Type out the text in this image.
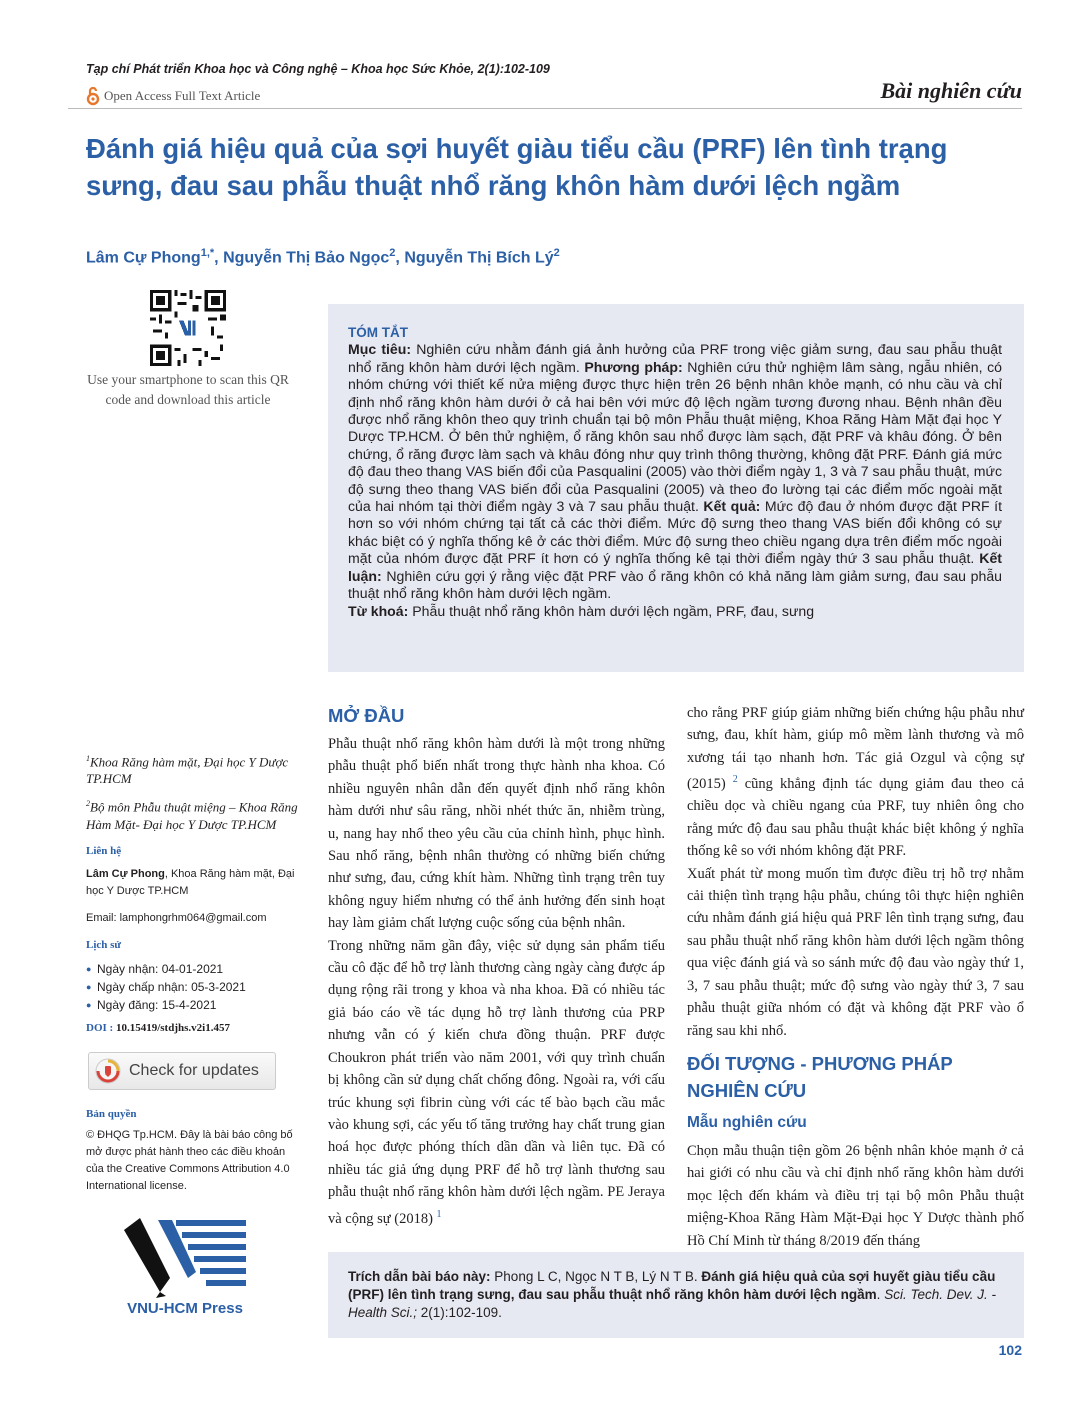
Tạp chí Phát triển Khoa học và Công nghệ – Khoa học Sức Khỏe, 2(1):102-109
Open Access Full Text Article	Bài nghiên cứu
Đánh giá hiệu quả của sợi huyết giàu tiểu cầu (PRF) lên tình trạng sưng, đau sau phẫu thuật nhổ răng khôn hàm dưới lệch ngầm
Lâm Cự Phong$^{1,*}$, Nguyễn Thị Bảo Ngọc$^2$, Nguyễn Thị Bích $Lý^2$
Use your smartphone to scan this QR code and download this article
TÓM TẮT
Mục tiêu: Nghiên cứu nhằm đánh giá ảnh hưởng của PRF trong việc giảm sưng, đau sau phẫu thuật nhổ răng khôn hàm dưới lệch ngầm. Phương pháp: Nghiên cứu thử nghiệm lâm sàng, ngẫu nhiên, có nhóm chứng với thiết kế nửa miệng được thực hiện trên 26 bệnh nhân khỏe mạnh, có nhu cầu và chỉ định nhổ răng khôn hàm dưới ở cả hai bên với mức độ lệch ngầm tương đương nhau. Bệnh nhân đều được nhổ răng khôn theo quy trình chuẩn tại bộ môn Phẫu thuật miệng, Khoa Răng Hàm Mặt đại học Y Dược TP.HCM. Ở bên thử nghiệm, ổ răng khôn sau nhổ được làm sạch, đặt PRF và khâu đóng. Ở bên chứng, ổ răng được làm sạch và khâu đóng như quy trình thông thường, không đặt PRF. Đánh giá mức độ đau theo thang VAS biến đổi của Pasqualini (2005) vào thời điểm ngày 1, 3 và 7 sau phẫu thuật, mức độ sưng theo thang VAS biến đổi của Pasqualini (2005) và theo đo lường tại các điểm mốc ngoài mặt của hai nhóm tại thời điểm ngày 3 và 7 sau phẫu thuật. Kết quả: Mức độ đau ở nhóm được đặt PRF ít hơn so với nhóm chứng tại tất cả các thời điểm. Mức độ sưng theo thang VAS biến đổi không có sự khác biệt có ý nghĩa thống kê ở các thời điểm. Mức độ sưng theo chiều ngang dựa trên điểm mốc ngoài mặt của nhóm được đặt PRF ít hơn có ý nghĩa thống kê tại thời điểm ngày thứ 3 sau phẫu thuật. Kết luận: Nghiên cứu gợi ý rằng việc đặt PRF vào ổ răng khôn có khả năng làm giảm sưng, đau sau phẫu thuật nhổ răng khôn hàm dưới lệch ngầm.
Từ khoá: Phẫu thuật nhổ răng khôn hàm dưới lệch ngầm, PRF, đau, sưng
$^1$Khoa Răng hàm mặt, Đại học Y Dược TP.HCM
$^2$Bộ môn Phẫu thuật miệng – Khoa Răng Hàm Mặt- Đại học Y Dược TP.HCM
Liên hệ
Lâm Cự Phong, Khoa Răng hàm mặt, Đại học Y Dược TP.HCM
Email: lamphongrhm064@gmail.com
Lịch sử
● Ngày nhận: 04-01-2021
● Ngày chấp nhận: 05-3-2021
● Ngày đăng: 15-4-2021
DOI : 10.15419/stdjhs.v2i1.457
Check for updates
Bản quyền
© ĐHQG Tp.HCM. Đây là bài báo công bố mở được phát hành theo các điều khoản của the Creative Commons Attribution 4.0 International license.
VNU-HCM Press
MỞ ĐẦU

Phẫu thuật nhổ răng khôn hàm dưới là một trong những phẫu thuật phổ biến nhất trong thực hành nha khoa. Có nhiều nguyên nhân dẫn đến quyết định nhổ răng khôn hàm dưới như sâu răng, nhồi nhét thức ăn, nhiễm trùng, u, nang hay nhổ theo yêu cầu của chỉnh hình, phục hình. Sau nhổ răng, bệnh nhân thường có những biến chứng như sưng, đau, cứng khít hàm. Những tình trạng trên tuy không nguy hiểm nhưng có thể ảnh hưởng đến sinh hoạt hay làm giảm chất lượng cuộc sống của bệnh nhân.

Trong những năm gần đây, việc sử dụng sản phẩm tiểu cầu cô đặc để hỗ trợ lành thương càng ngày càng được áp dụng rộng rãi trong y khoa và nha khoa. Đã có nhiều tác giả báo cáo về tác dụng hỗ trợ lành thương của PRP nhưng vẫn có ý kiến chưa đồng thuận. PRF được Choukron phát triển vào năm 2001, với quy trình chuẩn bị không cần sử dụng chất chống đông. Ngoài ra, với cấu trúc khung sợi fibrin cùng với các tế bào bạch cầu mắc vào khung sợi, các yếu tố tăng trưởng hay chất trung gian hoá học được phóng thích dần dần và liên tục. Đã có nhiều tác giả ứng dụng PRF để hỗ trợ lành thương sau phẫu thuật nhổ răng khôn hàm dưới lệch ngầm. PE Jeraya và cộng sự (2018) $^1$

cho rằng PRF giúp giảm những biến chứng hậu phẫu như sưng, đau, khít hàm, giúp mô mềm lành thương và mô xương tái tạo nhanh hơn. Tác giả Ozgul và cộng sự (2015) $^2$ cũng khẳng định tác dụng giảm đau theo cả chiều dọc và chiều ngang của PRF, tuy nhiên ông cho rằng mức độ đau sau phẫu thuật khác biệt không ý nghĩa thống kê so với nhóm không đặt PRF.

Xuất phát từ mong muốn tìm được điều trị hỗ trợ nhằm cải thiện tình trạng hậu phẫu, chúng tôi thực hiện nghiên cứu nhằm đánh giá hiệu quả PRF lên tình trạng sưng, đau sau phẫu thuật nhổ răng khôn hàm dưới lệch ngầm thông qua việc đánh giá và so sánh mức độ đau vào ngày thứ 1, 3, 7 sau phẫu thuật; mức độ sưng vào ngày thứ 3, 7 sau phẫu thuật giữa nhóm có đặt và không đặt PRF vào ổ răng sau khi nhổ.

ĐỐI TƯỢNG - PHƯƠNG PHÁP NGHIÊN CỨU
Mẫu nghiên cứu

Chọn mẫu thuận tiện gồm 26 bệnh nhân khỏe mạnh ở cả hai giới có nhu cầu và chỉ định nhổ răng khôn hàm dưới mọc lệch đến khám và điều trị tại bộ môn Phẫu thuật miệng-Khoa Răng Hàm Mặt-Đại học Y Dược thành phố Hồ Chí Minh từ tháng 8/2019 đến tháng

Trích dẫn bài báo này: Phong L C, Ngọc N T B, Lý N T B. Đánh giá hiệu quả của sợi huyết giàu tiểu cầu (PRF) lên tình trạng sưng, đau sau phẫu thuật nhổ răng khôn hàm dưới lệch ngầm. Sci. Tech. Dev. J. - Health Sci.; 2(1):102-109.
102
